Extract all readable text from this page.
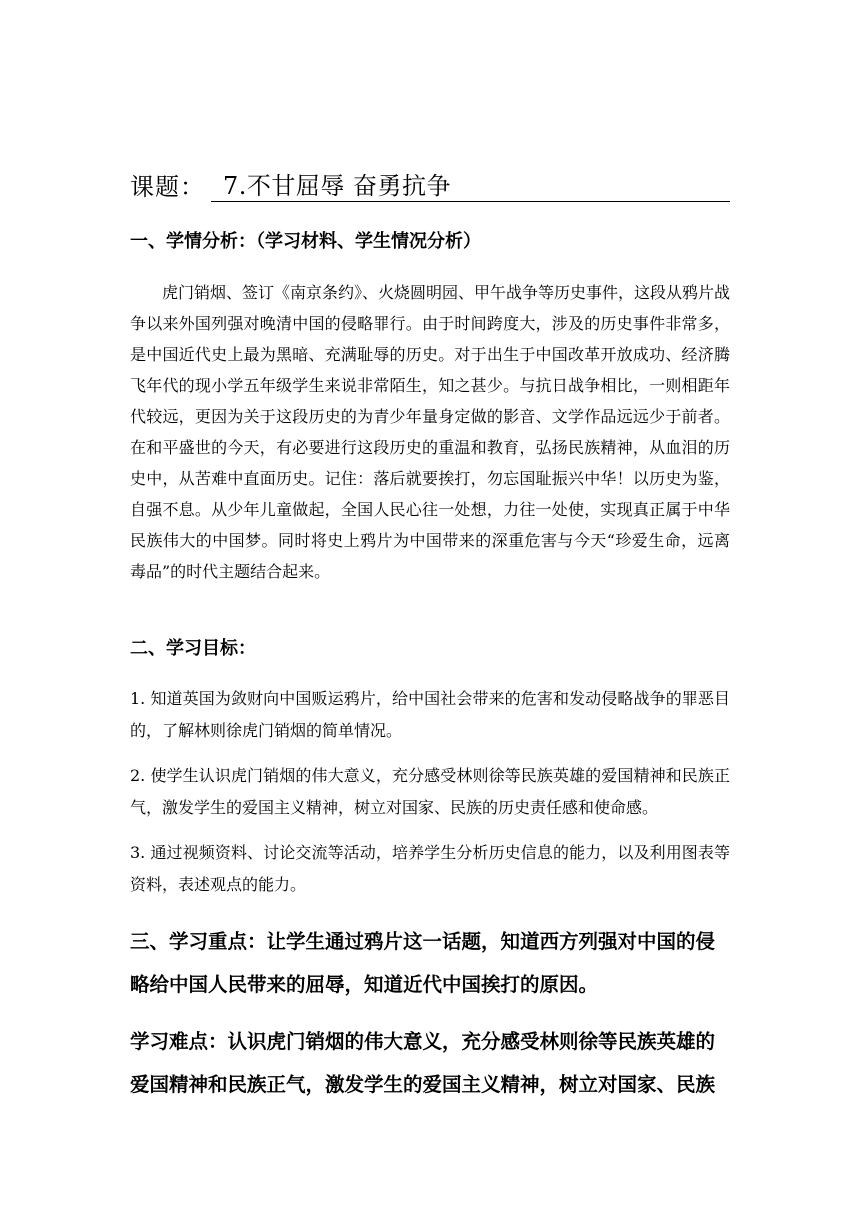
课题： 7.不甘屈辱 奋勇抗争
一、学情分析：（学习材料、学生情况分析）
虎门销烟、签订《南京条约》、火烧圆明园、甲午战争等历史事件，这段从鸦片战争以来外国列强对晚清中国的侵略罪行。由于时间跨度大，涉及的历史事件非常多，是中国近代史上最为黑暗、充满耻辱的历史。对于出生于中国改革开放成功、经济腾飞年代的现小学五年级学生来说非常陌生，知之甚少。与抗日战争相比，一则相距年代较远，更因为关于这段历史的为青少年量身定做的影音、文学作品远远少于前者。在和平盛世的今天，有必要进行这段历史的重温和教育，弘扬民族精神，从血泪的历史中，从苦难中直面历史。记住：落后就要挨打，勿忘国耻振兴中华！以历史为鉴，自强不息。从少年儿童做起，全国人民心往一处想，力往一处使，实现真正属于中华民族伟大的中国梦。同时将史上鸦片为中国带来的深重危害与今天“珍爱生命，远离毒品”的时代主题结合起来。
二、学习目标：
1. 知道英国为敛财向中国贩运鸦片，给中国社会带来的危害和发动侵略战争的罪恶目的，了解林则徐虎门销烟的简单情况。
2. 使学生认识虎门销烟的伟大意义，充分感受林则徐等民族英雄的爱国精神和民族正气，激发学生的爱国主义精神，树立对国家、民族的历史责任感和使命感。
3. 通过视频资料、讨论交流等活动，培养学生分析历史信息的能力，以及利用图表等资料，表述观点的能力。
三、学习重点：让学生通过鸦片这一话题，知道西方列强对中国的侵略给中国人民带来的屈辱，知道近代中国挨打的原因。
学习难点：认识虎门销烟的伟大意义，充分感受林则徐等民族英雄的爱国精神和民族正气，激发学生的爱国主义精神，树立对国家、民族
